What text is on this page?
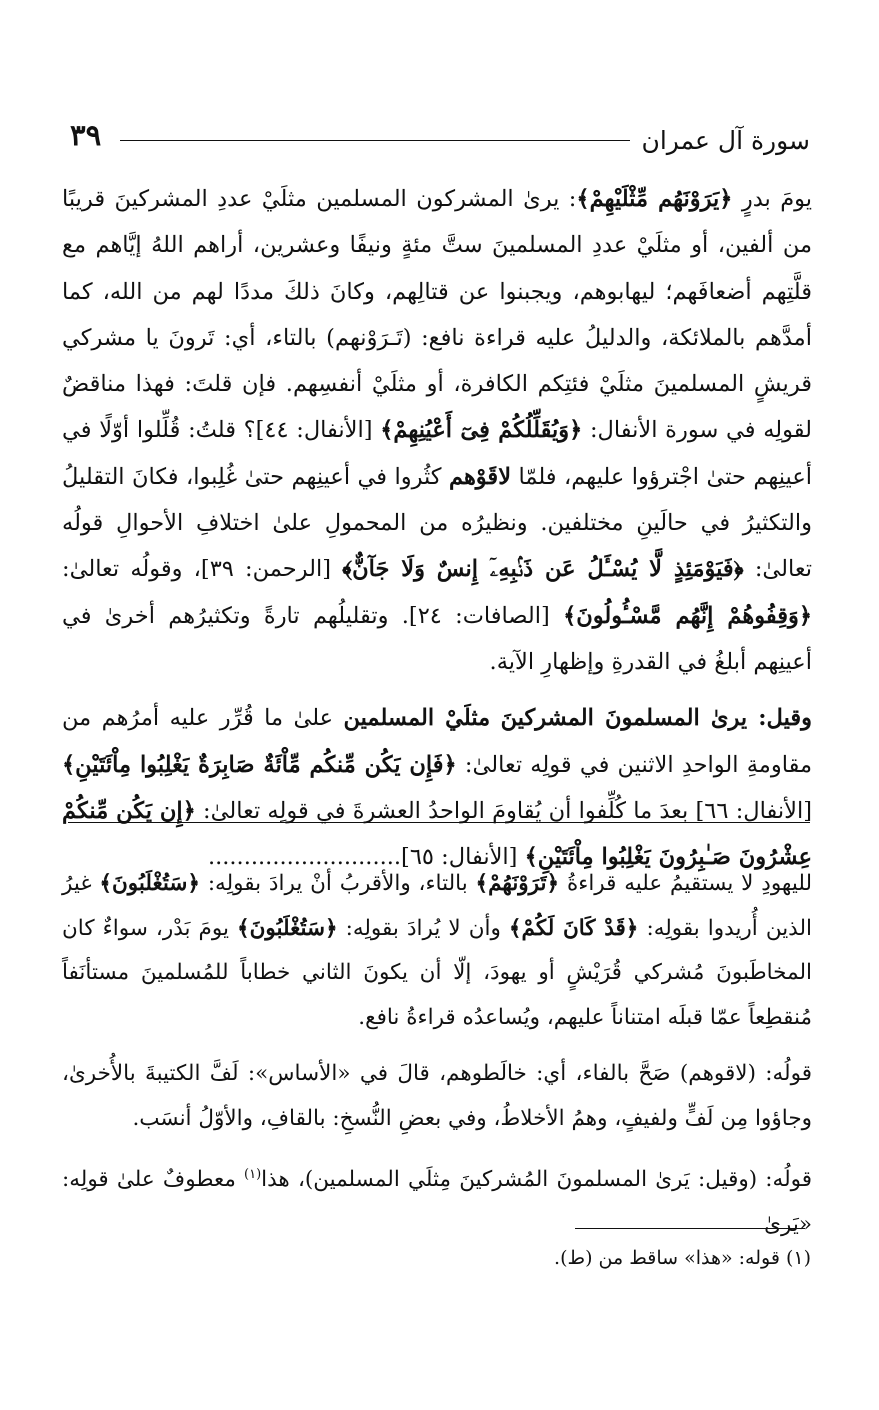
سورة آل عمران
٣٩

يومَ بدرٍ ﴿يَرَوْنَهُم مِّثْلَيْهِمْ﴾: يرىٰ المشركون المسلمين مثلَيْ عددِ المشركينَ قريبًا من ألفين، أو مثلَيْ عددِ المسلمينَ ستَّ مئةٍ ونيفًا وعشرين، أراهم اللهُ إيَّاهم مع قلَّتِهم أضعافَهم؛ ليهابوهم، ويجبنوا عن قتالِهم، وكانَ ذلكَ مددًا لهم من الله، كما أمدَّهم بالملائكة، والدليلُ عليه قراءة نافع: (تَـرَوْنهم) بالتاء، أي: تَرونَ يا مشركي قريشٍ المسلمينَ مثلَيْ فئتِكم الكافرة، أو مثلَيْ أنفسِهم. فإن قلتَ: فهذا مناقضٌ لقولِه في سورة الأنفال: ﴿وَيُقَلِّلُكُمْ فِىٓ أَعْيُنِهِمْ﴾ [الأنفال: ٤٤]؟ قلتُ: قُلِّلوا أوّلًا في أعينِهم حتىٰ اجْترؤوا عليهم، فلمّا لاقَوْهم كثُروا في أعينِهم حتىٰ غُلِبوا، فكانَ التقليلُ والتكثيرُ في حالَينِ مختلفين. ونظيرُه من المحمولِ علىٰ اختلافِ الأحوالِ قولُه تعالىٰ: ﴿فَيَوْمَئِذٍ لَّا يُسْـَٔلُ عَن ذَنۢبِهِۦٓ إِنسٌ وَلَا جَآنٌّ﴾ [الرحمن: ٣٩]، وقولُه تعالىٰ: ﴿وَقِفُوهُمْ إِنَّهُم مَّسْـُٔولُونَ﴾ [الصافات: ٢٤]. وتقليلُهم تارةً وتكثيرُهم أخرىٰ في أعينِهم أبلغُ في القدرةِ وإظهارِ الآية.

وقيل: يرىٰ المسلمونَ المشركينَ مثلَيْ المسلمين علىٰ ما قُرِّر عليه أمرُهم من مقاومةِ الواحدِ الاثنين في قولِه تعالىٰ: ﴿فَإِن يَكُن مِّنكُم مِّاْئَةٌ صَابِرَةٌ يَغْلِبُوا مِاْئَتَيْنِ﴾ [الأنفال: ٦٦] بعدَ ما كُلِّفوا أن يُقاومَ الواحدُ العشرةَ في قولِه تعالىٰ: ﴿إِن يَكُن مِّنكُمْ عِشْرُونَ صَـٰبِرُونَ يَغْلِبُوا مِاْئَتَيْنِ﴾ [الأنفال: ٦٥]...........................

لليهودِ لا يستقيمُ عليه قراءةُ ﴿تَرَوْنَهُمْ﴾ بالتاء، والأقربُ أنْ يرادَ بقولِه: ﴿سَتُغْلَبُونَ﴾ غيرُ الذين أُريدوا بقولِه: ﴿قَدْ كَانَ لَكُمْ﴾ وأن لا يُرادَ بقولِه: ﴿سَتُغْلَبُونَ﴾ يومَ بَدْر، سواءٌ كان المخاطَبونَ مُشركي قُرَيْشٍ أو يهودَ، إلّا أن يكونَ الثاني خطاباً للمُسلمينَ مستأنَفاً مُنقطِعاً عمّا قبلَه امتناناً عليهم، ويُساعدُه قراءةُ نافع.

قولُه: (لاقوهم) صَحَّ بالفاء، أي: خالَطوهم، قالَ في «الأساس»: لَفَّ الكتيبةَ بالأُخرىٰ، وجاؤوا مِن لَفٍّ ولفيفٍ، وهمُ الأخلاطُ، وفي بعضِ النُّسخِ: بالقافِ، والأوّلُ أنسَب.

قولُه: (وقيل: يَرىٰ المسلمونَ المُشركينَ مِثلَي المسلمين)، هذا$^{(١)}$ معطوفٌ علىٰ قولِه: «يَرىٰ

(١) قوله: «هذا» ساقط من (ط).
